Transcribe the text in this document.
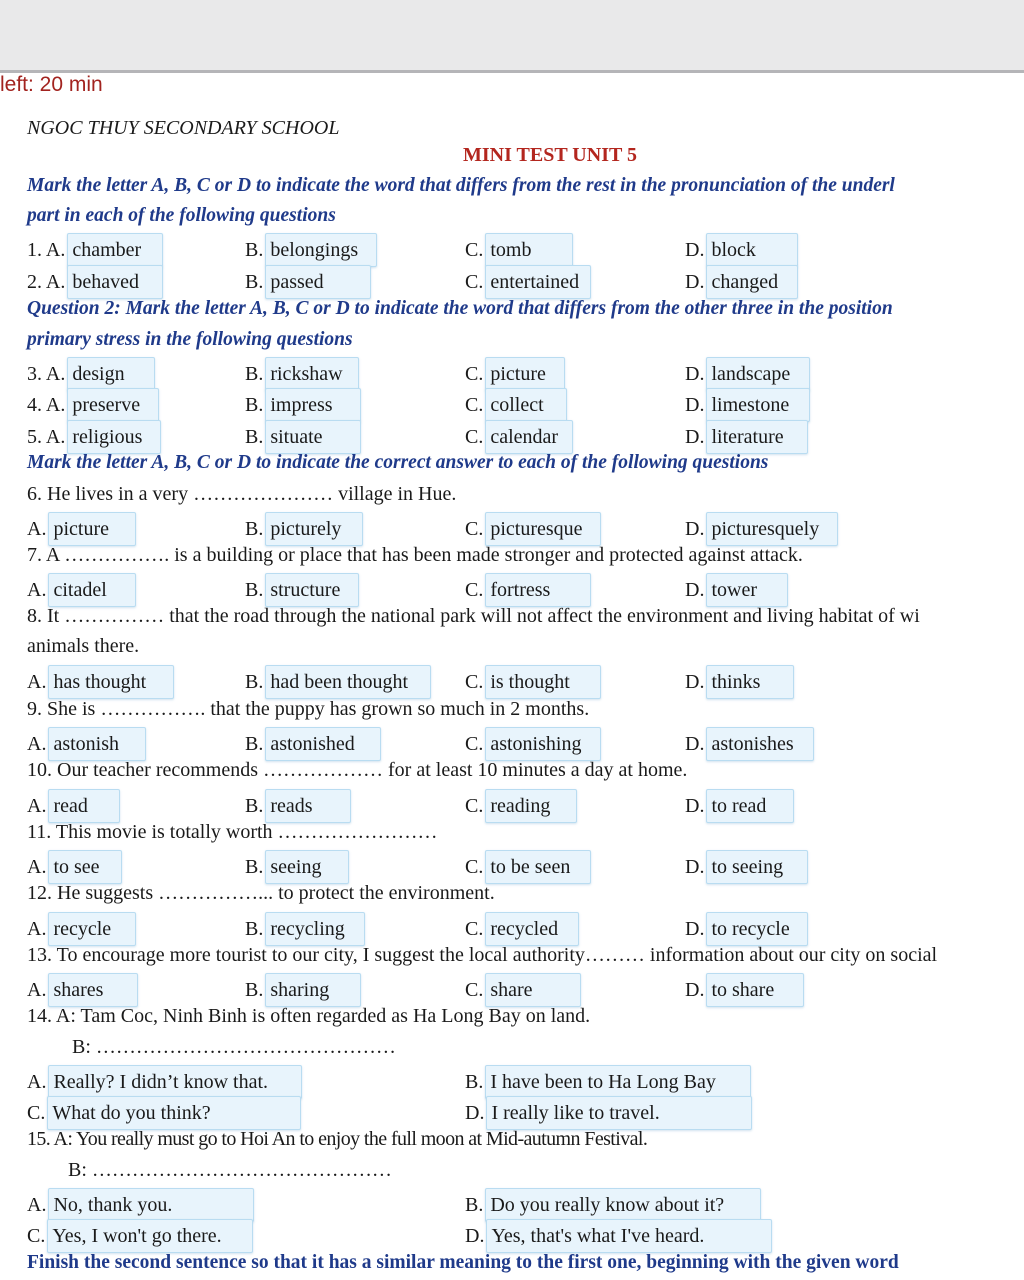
left: 20 min
NGOC THUY SECONDARY SCHOOL
MINI TEST UNIT 5
Mark the letter A, B, C or D to indicate the word that differs from the rest in the pronunciation of the underl
part in each of the following questions
1. A. chamber	B. belongings	C. tomb	D. block
2. A. behaved	B. passed	C. entertained	D. changed
Question 2: Mark the letter A, B, C or D to indicate the word that differs from the other three in the position
primary stress in the following questions
3. A. design	B. rickshaw	C. picture	D. landscape
4. A. preserve	B. impress	C. collect	D. limestone
5. A. religious	B. situate	C. calendar	D. literature
Mark the letter A, B, C or D to indicate the correct answer to each of the following questions
6. He lives in a very ………………… village in Hue.
A. picture	B. picturely	C. picturesque	D. picturesquely
7. A ……………. is a building or place that has been made stronger and protected against attack.
A. citadel	B. structure	C. fortress	D. tower
8. It …………… that the road through the national park will not affect the environment and living habitat of wi
animals there.
A. has thought	B. had been thought	C. is thought	D. thinks
9. She is ……………. that the puppy has grown so much in 2 months.
A. astonish	B. astonished	C. astonishing	D. astonishes
10. Our teacher recommends ……………… for at least 10 minutes a day at home.
A. read	B. reads	C. reading	D. to read
11. This movie is totally worth ……………………
A. to see	B. seeing	C. to be seen	D. to seeing
12. He suggests ……………... to protect the environment.
A. recycle	B. recycling	C. recycled	D. to recycle
13. To encourage more tourist to our city, I suggest the local authority……… information about our city on social
A. shares	B. sharing	C. share	D. to share
14. A: Tam Coc, Ninh Binh is often regarded as Ha Long Bay on land.
B: ………………………………………
A. Really? I didn’t know that.	B. I have been to Ha Long Bay
C. What do you think?	D. I really like to travel.
15. A: You really must go to Hoi An to enjoy the full moon at Mid-autumn Festival.
B: ………………………………………
A. No, thank you.	B. Do you really know about it?
C. Yes, I won't go there.	D. Yes, that's what I've heard.
Finish the second sentence so that it has a similar meaning to the first one, beginning with the given word
